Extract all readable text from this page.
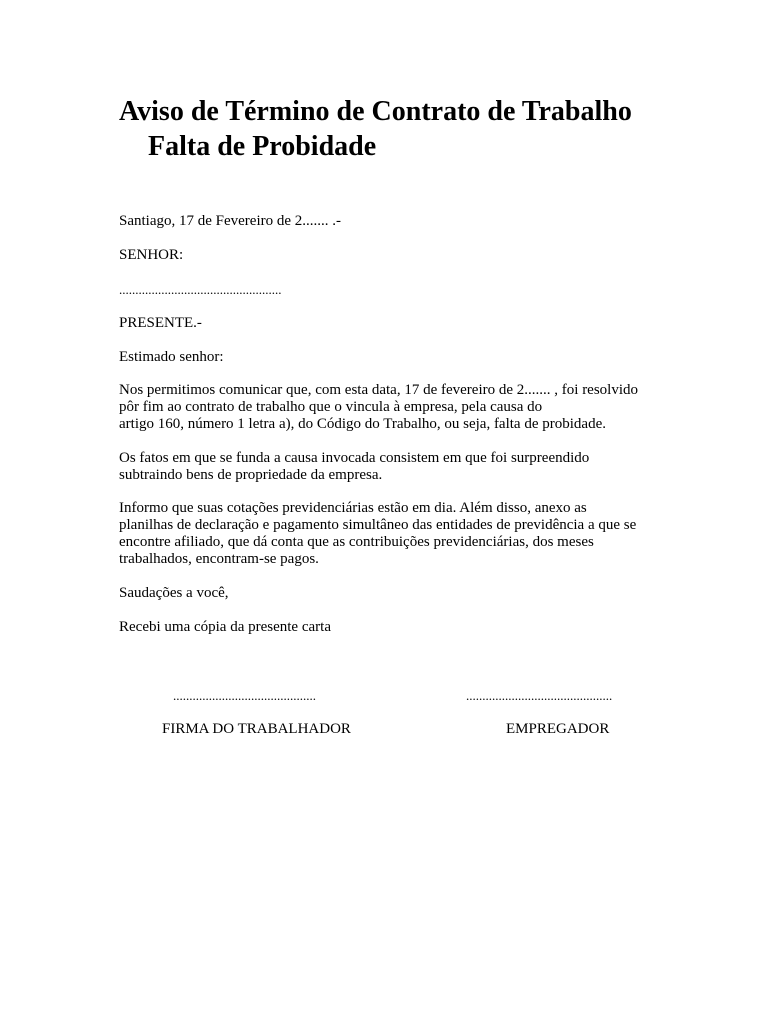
Aviso de Término de Contrato de Trabalho
Falta de Probidade

Santiago, 17 de Fevereiro de 2....... .-

SENHOR:

..................................................

PRESENTE.-

Estimado senhor:

Nos permitimos comunicar que, com esta data, 17 de fevereiro de 2....... , foi resolvido

pôr fim ao contrato de trabalho que o vincula à empresa, pela causa do

artigo 160, número 1 letra a), do Código do Trabalho, ou seja, falta de probidade.

Os fatos em que se funda a causa invocada consistem em que foi surpreendido

subtraindo bens de propriedade da empresa.

Informo que suas cotações previdenciárias estão em dia. Além disso, anexo as

planilhas de declaração e pagamento simultâneo das entidades de previdência a que se

encontre afiliado, que dá conta que as contribuições previdenciárias, dos meses

trabalhados, encontram-se pagos.

Saudações a você,

Recebi uma cópia da presente carta

............................................	.............................................
FIRMA DO TRABALHADOR	EMPREGADOR
